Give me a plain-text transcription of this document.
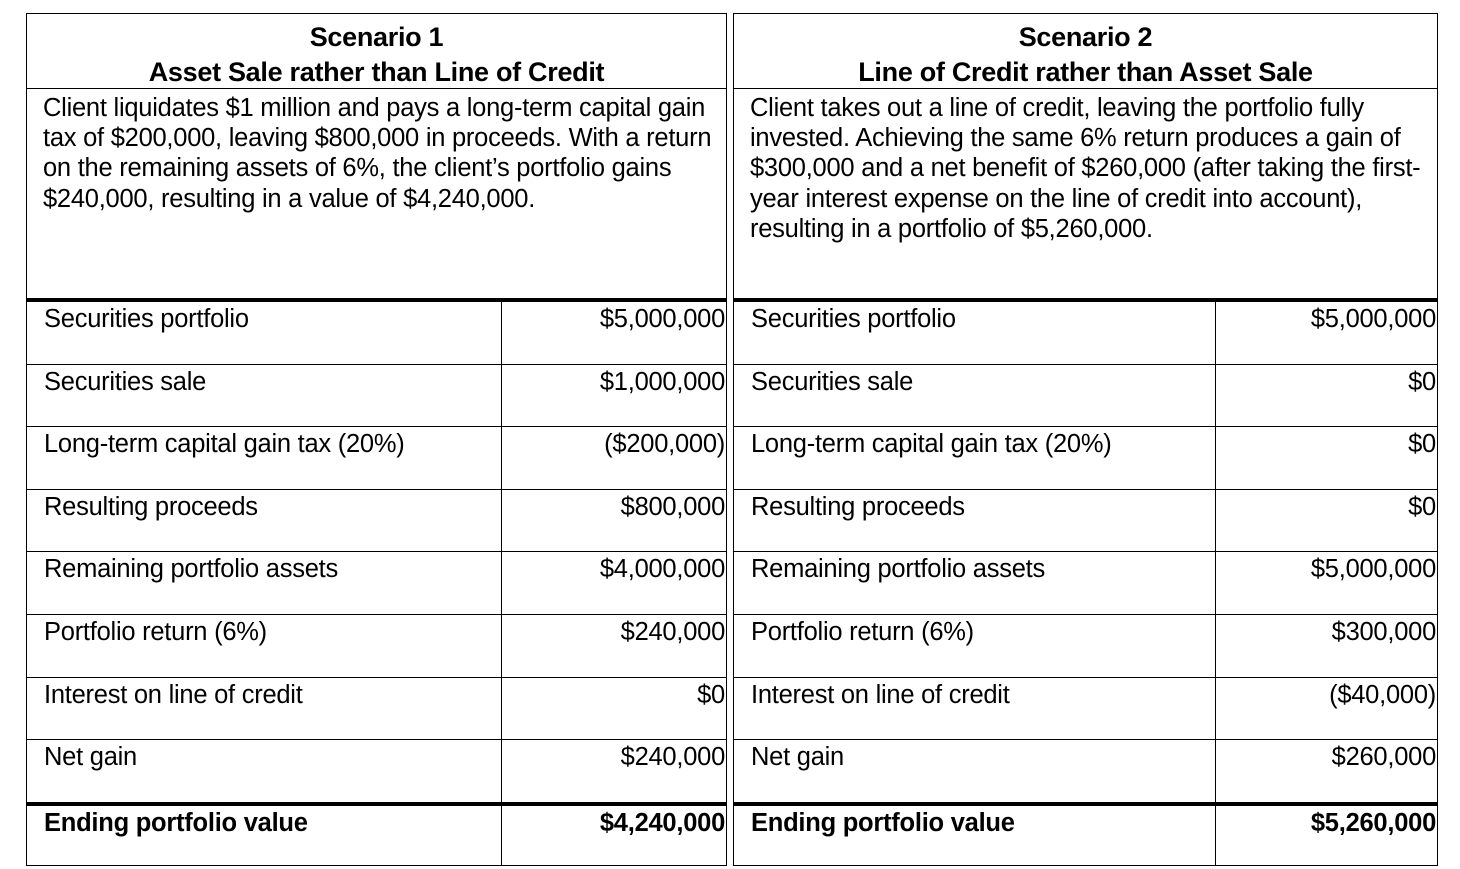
Scenario 1
Asset Sale rather than Line of Credit
Client liquidates $1 million and pays a long-term capital gain tax of $200,000, leaving $800,000 in proceeds. With a return on the remaining assets of 6%, the client’s portfolio gains $240,000, resulting in a value of $4,240,000.
Securities portfolio	$5,000,000
Securities sale	$1,000,000
Long-term capital gain tax (20%)	($200,000)
Resulting proceeds	$800,000
Remaining portfolio assets	$4,000,000
Portfolio return (6%)	$240,000
Interest on line of credit	$0
Net gain	$240,000
Ending portfolio value	$4,240,000
Scenario 2
Line of Credit rather than Asset Sale
Client takes out a line of credit, leaving the portfolio fully invested. Achieving the same 6% return produces a gain of $300,000 and a net benefit of $260,000 (after taking the first-year interest expense on the line of credit into account), resulting in a portfolio of $5,260,000.
Securities portfolio	$5,000,000
Securities sale	$0
Long-term capital gain tax (20%)	$0
Resulting proceeds	$0
Remaining portfolio assets	$5,000,000
Portfolio return (6%)	$300,000
Interest on line of credit	($40,000)
Net gain	$260,000
Ending portfolio value	$5,260,000
